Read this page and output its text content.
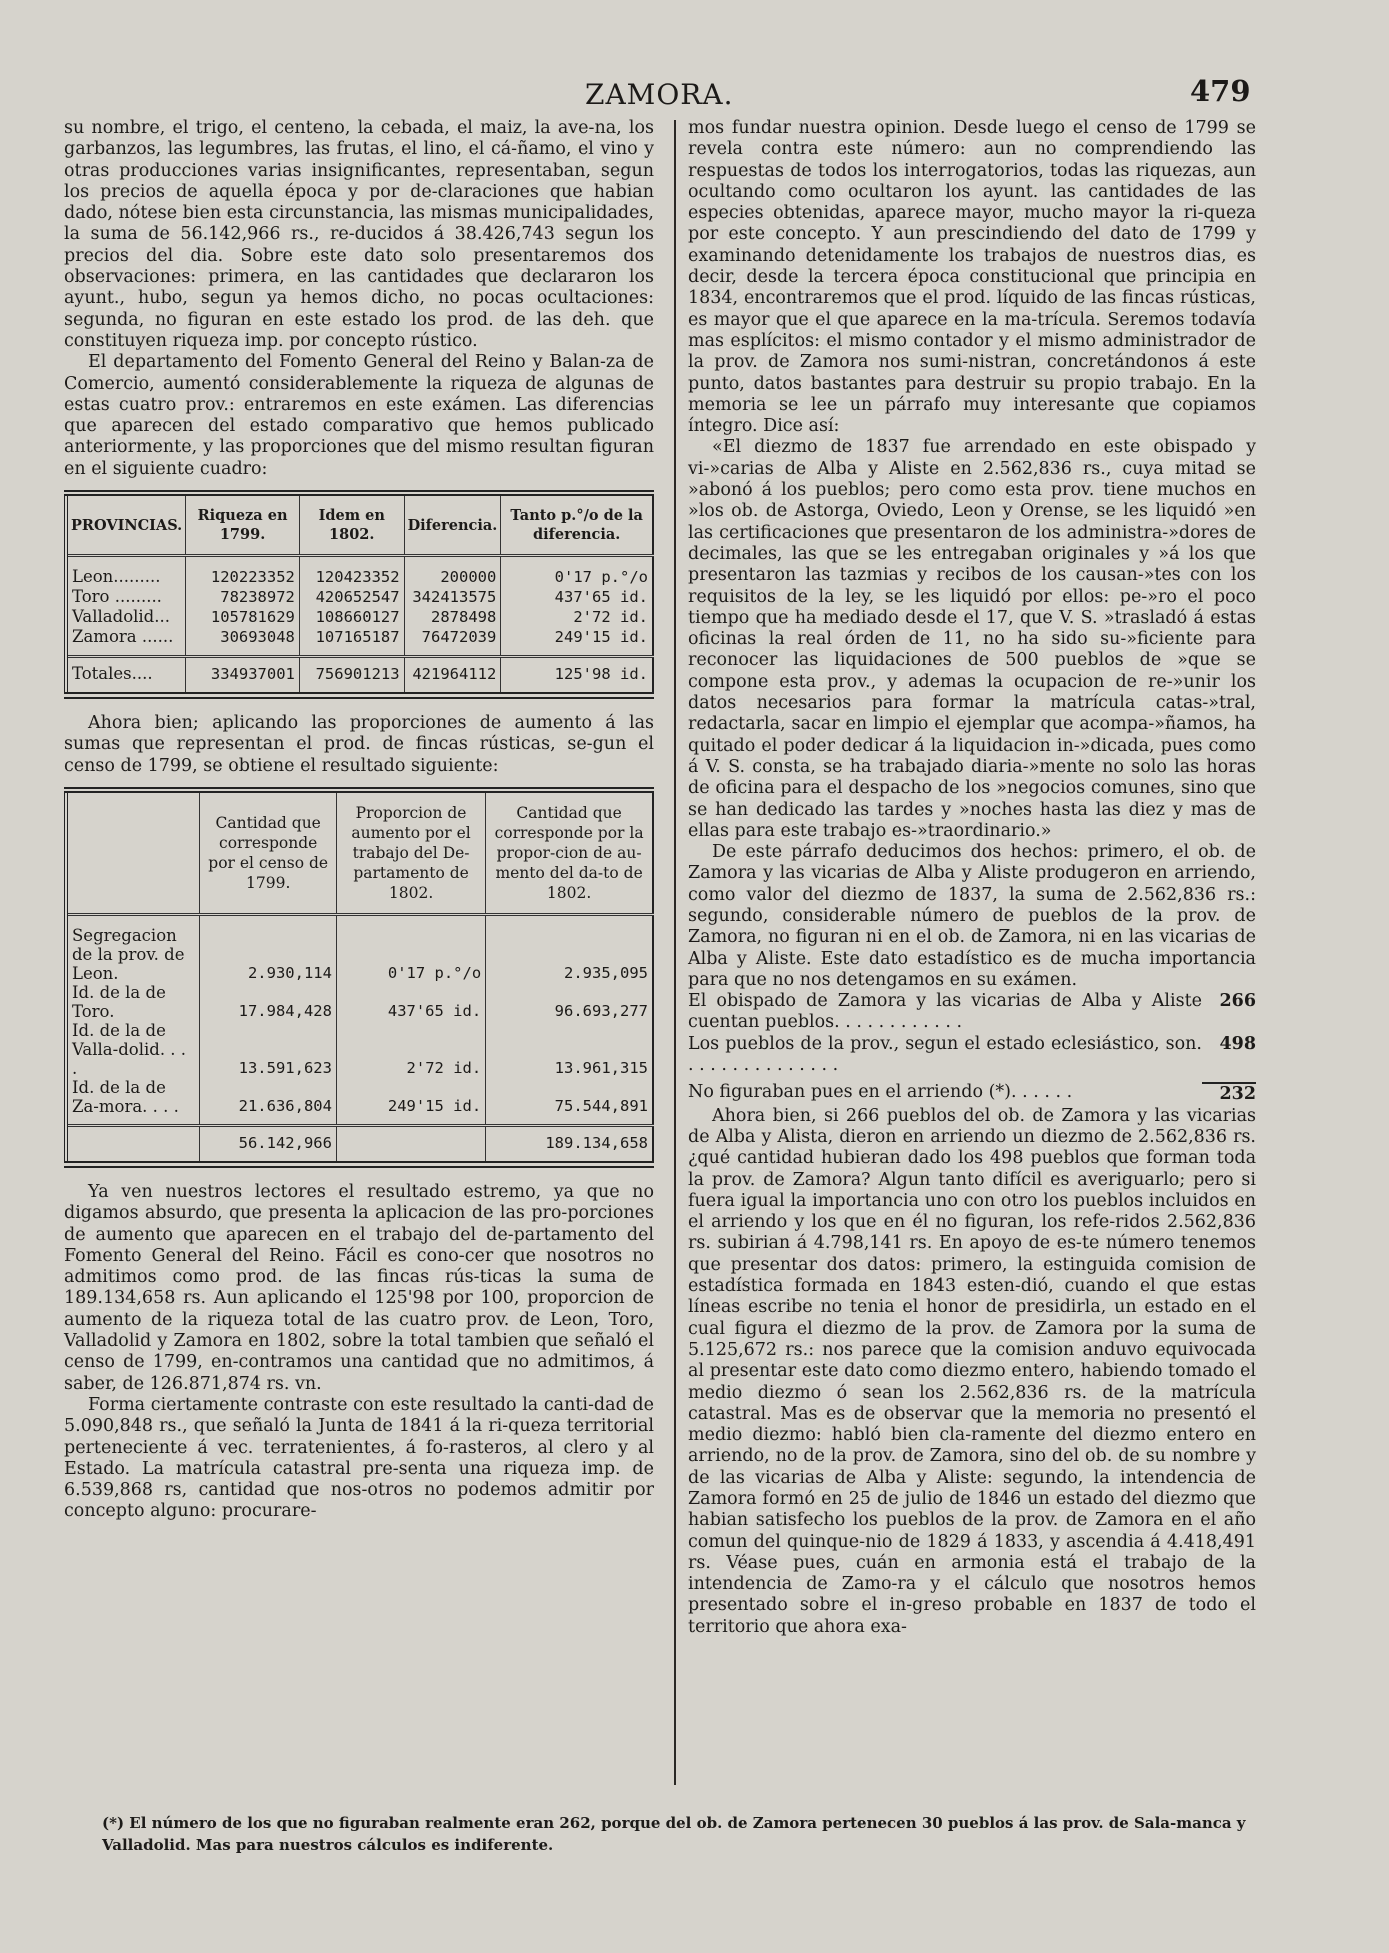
ZAMORA.	479

su nombre, el trigo, el centeno, la cebada, el maiz, la ave-na, los garbanzos, las legumbres, las frutas, el lino, el cá-ñamo, el vino y otras producciones varias insignificantes, representaban, segun los precios de aquella época y por de-claraciones que habian dado, nótese bien esta circunstancia, las mismas municipalidades, la suma de 56.142,966 rs., re-ducidos á 38.426,743 segun los precios del dia. Sobre este dato solo presentaremos dos observaciones: primera, en las cantidades que declararon los ayunt., hubo, segun ya hemos dicho, no pocas ocultaciones: segunda, no figuran en este estado los prod. de las deh. que constituyen riqueza imp. por concepto rústico.

El departamento del Fomento General del Reino y Balan-za de Comercio, aumentó considerablemente la riqueza de algunas de estas cuatro prov.: entraremos en este exámen. Las diferencias que aparecen del estado comparativo que hemos publicado anteriormente, y las proporciones que del mismo resultan figuran en el siguiente cuadro:

PROVINCIAS.	Riqueza en 1799.	Idem en 1802.	Diferencia.	Tanto p.°/o de la diferencia.
Leon.........	120223352	120423352	200000	0'17 p.°/o
Toro .........	78238972	420652547	342413575	437'65 id.
Valladolid...	105781629	108660127	2878498	2'72 id.
Zamora ......	30693048	107165187	76472039	249'15 id.
Totales....	334937001	756901213	421964112	125'98 id.

Ahora bien; aplicando las proporciones de aumento á las sumas que representan el prod. de fincas rústicas, se-gun el censo de 1799, se obtiene el resultado siguiente:

	Cantidad que corresponde por el censo de 1799.	Proporcion de aumento por el trabajo del De-partamento de 1802.	Cantidad que corresponde por la propor-cion de au-mento del da-to de 1802.
Segregacion de la prov. de Leon.	2.930,114	0'17 p.°/o	2.935,095
Id. de la de Toro.	17.984,428	437'65 id.	96.693,277
Id. de la de Valla-dolid. . . .	13.591,623	2'72 id.	13.961,315
Id. de la de Za-mora. . . .	21.636,804	249'15 id.	75.544,891
	56.142,966		189.134,658

Ya ven nuestros lectores el resultado estremo, ya que no digamos absurdo, que presenta la aplicacion de las pro-porciones de aumento que aparecen en el trabajo del de-partamento del Fomento General del Reino. Fácil es cono-cer que nosotros no admitimos como prod. de las fincas rús-ticas la suma de 189.134,658 rs. Aun aplicando el 125'98 por 100, proporcion de aumento de la riqueza total de las cuatro prov. de Leon, Toro, Valladolid y Zamora en 1802, sobre la total tambien que señaló el censo de 1799, en-contramos una cantidad que no admitimos, á saber, de 126.871,874 rs. vn.

Forma ciertamente contraste con este resultado la canti-dad de 5.090,848 rs., que señaló la Junta de 1841 á la ri-queza territorial perteneciente á vec. terratenientes, á fo-rasteros, al clero y al Estado. La matrícula catastral pre-senta una riqueza imp. de 6.539,868 rs, cantidad que nos-otros no podemos admitir por concepto alguno: procurare-

mos fundar nuestra opinion. Desde luego el censo de 1799 se revela contra este número: aun no comprendiendo las respuestas de todos los interrogatorios, todas las riquezas, aun ocultando como ocultaron los ayunt. las cantidades de las especies obtenidas, aparece mayor, mucho mayor la ri-queza por este concepto. Y aun prescindiendo del dato de 1799 y examinando detenidamente los trabajos de nuestros dias, es decir, desde la tercera época constitucional que principia en 1834, encontraremos que el prod. líquido de las fincas rústicas, es mayor que el que aparece en la ma-trícula. Seremos todavía mas esplícitos: el mismo contador y el mismo administrador de la prov. de Zamora nos sumi-nistran, concretándonos á este punto, datos bastantes para destruir su propio trabajo. En la memoria se lee un párrafo muy interesante que copiamos íntegro. Dice así:

«El diezmo de 1837 fue arrendado en este obispado y vi-»carias de Alba y Aliste en 2.562,836 rs., cuya mitad se »abonó á los pueblos; pero como esta prov. tiene muchos en »los ob. de Astorga, Oviedo, Leon y Orense, se les liquidó »en las certificaciones que presentaron de los administra-»dores de decimales, las que se les entregaban originales y »á los que presentaron las tazmias y recibos de los causan-»tes con los requisitos de la ley, se les liquidó por ellos: pe-»ro el poco tiempo que ha mediado desde el 17, que V. S. »trasladó á estas oficinas la real órden de 11, no ha sido su-»ficiente para reconocer las liquidaciones de 500 pueblos de »que se compone esta prov., y ademas la ocupacion de re-»unir los datos necesarios para formar la matrícula catas-»tral, redactarla, sacar en limpio el ejemplar que acompa-»ñamos, ha quitado el poder dedicar á la liquidacion in-»dicada, pues como á V. S. consta, se ha trabajado diaria-»mente no solo las horas de oficina para el despacho de los »negocios comunes, sino que se han dedicado las tardes y »noches hasta las diez y mas de ellas para este trabajo es-»traordinario.»

De este párrafo deducimos dos hechos: primero, el ob. de Zamora y las vicarias de Alba y Aliste produgeron en arriendo, como valor del diezmo de 1837, la suma de 2.562,836 rs.: segundo, considerable número de pueblos de la prov. de Zamora, no figuran ni en el ob. de Zamora, ni en las vicarias de Alba y Aliste. Este dato estadístico es de mucha importancia para que no nos detengamos en su exámen.

El obispado de Zamora y las vicarias de Alba y Aliste cuentan pueblos. . . . . . . . . . . .
266
Los pueblos de la prov., segun el estado eclesiástico, son. . . . . . . . . . . . . . .
498
No figuraban pues en el arriendo (*). . . . . .	232

Ahora bien, si 266 pueblos del ob. de Zamora y las vicarias de Alba y Alista, dieron en arriendo un diezmo de 2.562,836 rs. ¿qué cantidad hubieran dado los 498 pueblos que forman toda la prov. de Zamora? Algun tanto difícil es averiguarlo; pero si fuera igual la importancia uno con otro los pueblos incluidos en el arriendo y los que en él no figuran, los refe-ridos 2.562,836 rs. subirian á 4.798,141 rs. En apoyo de es-te número tenemos que presentar dos datos: primero, la estinguida comision de estadística formada en 1843 esten-dió, cuando el que estas líneas escribe no tenia el honor de presidirla, un estado en el cual figura el diezmo de la prov. de Zamora por la suma de 5.125,672 rs.: nos parece que la comision anduvo equivocada al presentar este dato como diezmo entero, habiendo tomado el medio diezmo ó sean los 2.562,836 rs. de la matrícula catastral. Mas es de observar que la memoria no presentó el medio diezmo: habló bien cla-ramente del diezmo entero en arriendo, no de la prov. de Zamora, sino del ob. de su nombre y de las vicarias de Alba y Aliste: segundo, la intendencia de Zamora formó en 25 de julio de 1846 un estado del diezmo que habian satisfecho los pueblos de la prov. de Zamora en el año comun del quinque-nio de 1829 á 1833, y ascendia á 4.418,491 rs. Véase pues, cuán en armonia está el trabajo de la intendencia de Zamo-ra y el cálculo que nosotros hemos presentado sobre el in-greso probable en 1837 de todo el territorio que ahora exa-

(*) El número de los que no figuraban realmente eran 262, porque del ob. de Zamora pertenecen 30 pueblos á las prov. de Sala-manca y Valladolid. Mas para nuestros cálculos es indiferente.
